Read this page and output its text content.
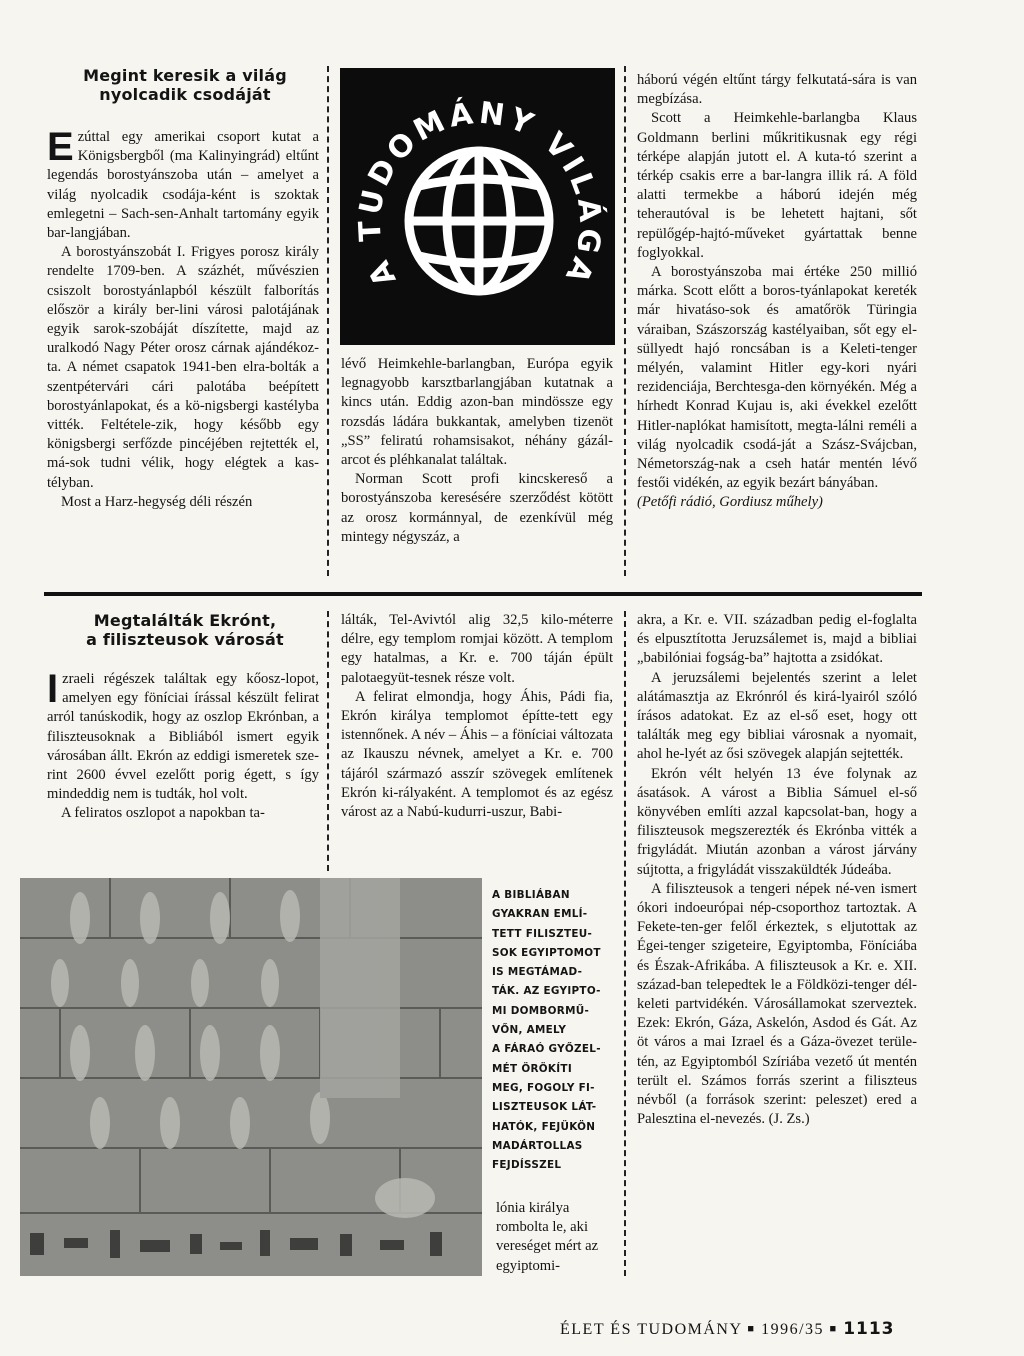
Megint keresik a világ
nyolcadik csodáját

Ezúttal egy amerikai csoport kutat a Königsbergből (ma Kalinyingrád) eltűnt legendás borostyánszoba után – amelyet a világ nyolcadik csodája-ként is szoktak emlegetni – Sach-sen-Anhalt tartomány egyik bar-langjában.

A borostyánszobát I. Frigyes porosz király rendelte 1709-ben. A százhét, művészien csiszolt borostyánlapból készült falborítás először a király ber-lini városi palotájának egyik sarok-szobáját díszítette, majd az uralkodó Nagy Péter orosz cárnak ajándékoz-ta. A német csapatok 1941-ben elra-bolták a szentpétervári cári palotába beépített borostyánlapokat, és a kö-nigsbergi kastélyba vitték. Feltétele-zik, hogy később egy königsbergi serfőzde pincéjében rejtették el, má-sok tudni vélik, hogy elégtek a kas-télyban.

Most a Harz-hegység déli részén

A TUDOMÁNY VILÁGA

lévő Heimkehle-barlangban, Európa egyik legnagyobb karsztbarlangjában kutatnak a kincs után. Eddig azon-ban mindössze egy rozsdás ládára bukkantak, amelyben tizenöt „SS” feliratú rohamsisakot, néhány gázál-arcot és pléhkanalat találtak.

Norman Scott profi kincskereső a borostyánszoba keresésére szerződést kötött az orosz kormánnyal, de ezenkívül még mintegy négyszáz, a

háború végén eltűnt tárgy felkutatá-sára is van megbízása.

Scott a Heimkehle-barlangba Klaus Goldmann berlini műkritikusnak egy régi térképe alapján jutott el. A kuta-tó szerint a térkép csakis erre a bar-langra illik rá. A föld alatti termekbe a háború idején még teherautóval is be lehetett hajtani, sőt repülőgép-hajtó-műveket gyártattak benne foglyokkal.

A borostyánszoba mai értéke 250 millió márka. Scott előtt a boros-tyánlapokat kereték már hivatáso-sok és amatőrök Türingia váraiban, Szászország kastélyaiban, sőt egy el-süllyedt hajó roncsában is a Keleti-tenger mélyén, valamint Hitler egy-kori nyári rezidenciája, Berchtesga-den környékén. Még a hírhedt Konrad Kujau is, aki évekkel ezelőtt Hitler-naplókat hamisított, megta-lálni reméli a világ nyolcadik csodá-ját a Szász-Svájcban, Németország-nak a cseh határ mentén lévő festői vidékén, az egyik bezárt bányában.

(Petőfi rádió, Gordiusz műhely)

Megtalálták Ekrónt,
a filiszteusok városát

Izraeli régészek találtak egy kőosz-lopot, amelyen egy föníciai írással készült felirat arról tanúskodik, hogy az oszlop Ekrónban, a filiszteusoknak a Bibliából ismert egyik városában állt. Ekrón az eddigi ismeretek sze-rint 2600 évvel ezelőtt porig égett, s így mindeddig nem is tudták, hol volt.

A feliratos oszlopot a napokban ta-

lálták, Tel-Avivtól alig 32,5 kilo-méterre délre, egy templom romjai között. A templom egy hatalmas, a Kr. e. 700 táján épült palotaegyüt-tesnek része volt.

A felirat elmondja, hogy Áhis, Pádi fia, Ekrón királya templomot építte-tett egy istennőnek. A név – Áhis – a föníciai változata az Ikauszu névnek, amelyet a Kr. e. 700 tájáról származó asszír szövegek említenek Ekrón ki-rályaként. A templomot és az egész várost az a Nabú-kudurri-uszur, Babi-

A BIBLIÁBAN
GYAKRAN EMLÍ-
TETT FILISZTEU-
SOK EGYIPTOMOT
IS MEGTÁMAD-
TÁK. AZ EGYIPTO-
MI DOMBORMŰ-
VŐN, AMELY
A FÁRAÓ GYŐZEL-
MÉT ÖRÖKÍTI
MEG, FOGOLY FI-
LISZTEUSOK LÁT-
HATÓK, FEJÜKÖN
MADÁRTOLLAS
FEJDÍSSZEL

lónia királya rombolta le, aki vereséget mért az egyiptomi-

akra, a Kr. e. VII. században pedig el-foglalta és elpusztította Jeruzsálemet is, majd a bibliai „babilóniai fogság-ba” hajtotta a zsidókat.

A jeruzsálemi bejelentés szerint a lelet alátámasztja az Ekrónról és kirá-lyairól szóló írásos adatokat. Ez az el-ső eset, hogy ott találták meg egy bibliai városnak a nyomait, ahol he-lyét az ősi szövegek alapján sejtették.

Ekrón vélt helyén 13 éve folynak az ásatások. A várost a Biblia Sámuel el-ső könyvében említi azzal kapcsolat-ban, hogy a filiszteusok megszerezték és Ekrónba vitték a frigyládát. Miután azonban a várost járvány sújtotta, a frigyládát visszaküldték Júdeába.

A filiszteusok a tengeri népek né-ven ismert ókori indoeurópai nép-csoporthoz tartoztak. A Fekete-ten-ger felől érkeztek, s eljutottak az Égei-tenger szigeteire, Egyiptomba, Föníciába és Észak-Afrikába. A filiszteusok a Kr. e. XII. század-ban telepedtek le a Földközi-tenger dél-keleti partvidékén. Városállamokat szerveztek. Ezek: Ekrón, Gáza, Askelón, Asdod és Gát. Az öt város a mai Izrael és a Gáza-övezet terüle-tén, az Egyiptomból Szíriába vezető út mentén terült el. Számos forrás szerint a filiszteus névből (a források szerint: peleszet) ered a Palesztina el-nevezés. (J. Zs.)

ÉLET ÉS TUDOMÁNY ■ 1996/35 ■ 1113
